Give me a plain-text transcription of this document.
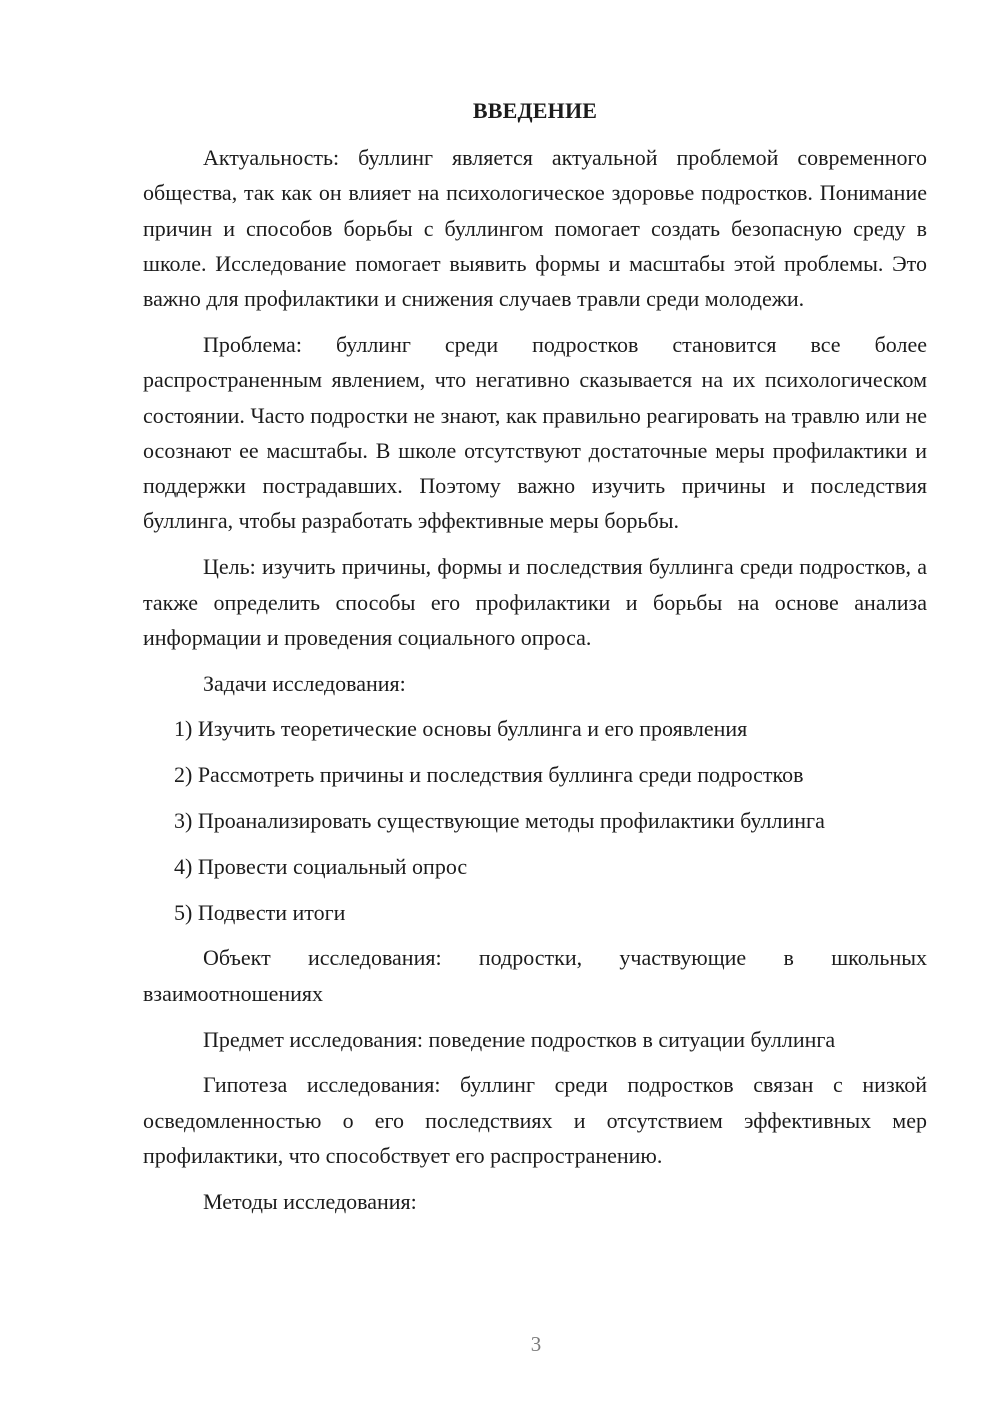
ВВЕДЕНИЕ

Актуальность: буллинг является актуальной проблемой современного общества, так как он влияет на психологическое здоровье подростков. Понимание причин и способов борьбы с буллингом помогает создать безопасную среду в школе. Исследование помогает выявить формы и масштабы этой проблемы. Это важно для профилактики и снижения случаев травли среди молодежи.

Проблема: буллинг среди подростков становится все более распространенным явлением, что негативно сказывается на их психологическом состоянии. Часто подростки не знают, как правильно реагировать на травлю или не осознают ее масштабы. В школе отсутствуют достаточные меры профилактики и поддержки пострадавших. Поэтому важно изучить причины и последствия буллинга, чтобы разработать эффективные меры борьбы.

Цель: изучить причины, формы и последствия буллинга среди подростков, а также определить способы его профилактики и борьбы на основе анализа информации и проведения социального опроса.

Задачи исследования:

1) Изучить теоретические основы буллинга и его проявления
2) Рассмотреть причины и последствия буллинга среди подростков
3) Проанализировать существующие методы профилактики буллинга
4) Провести социальный опрос
5) Подвести итоги

Объект исследования: подростки, участвующие в школьных взаимоотношениях

Предмет исследования: поведение подростков в ситуации буллинга

Гипотеза исследования: буллинг среди подростков связан с низкой осведомленностью о его последствиях и отсутствием эффективных мер профилактики, что способствует его распространению.

Методы исследования:

3
